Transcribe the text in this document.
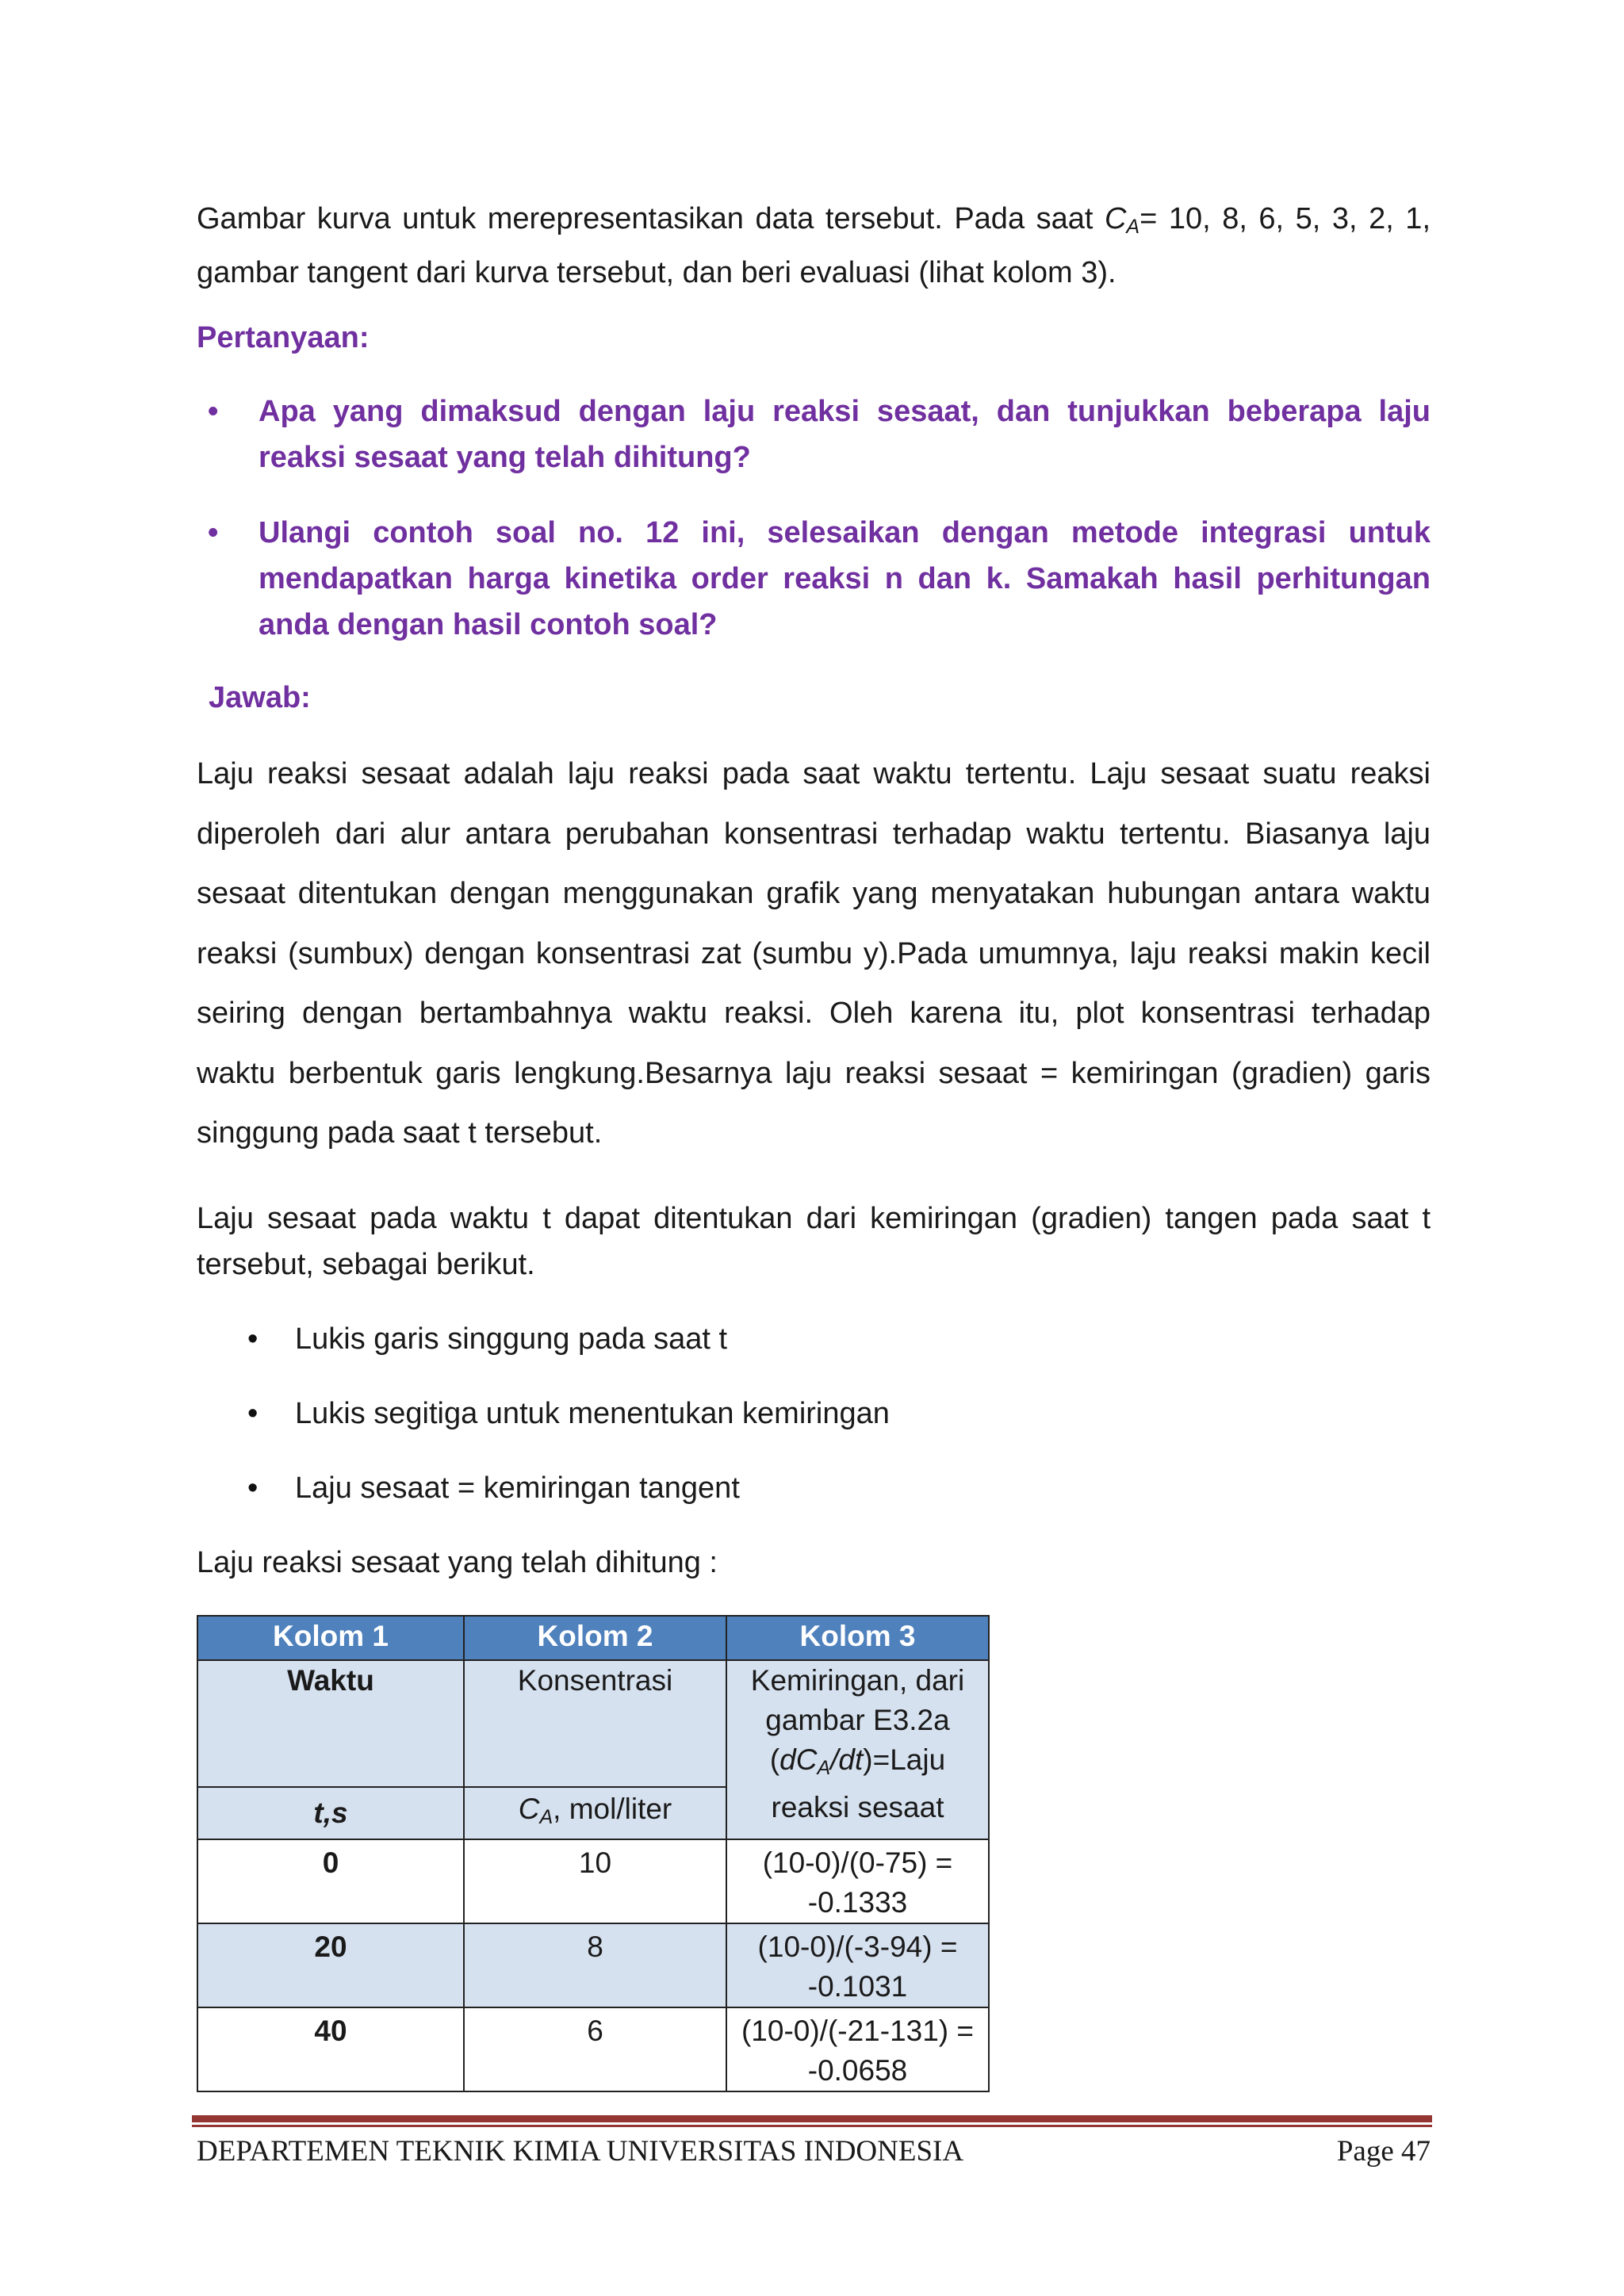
Gambar kurva untuk merepresentasikan data tersebut. Pada saat $C_A= 10$, 8, 6, 5, 3, 2, 1, gambar tangent dari kurva tersebut, dan beri evaluasi (lihat kolom 3).

Pertanyaan:

•	Apa yang dimaksud dengan laju reaksi sesaat, dan tunjukkan beberapa laju reaksi sesaat yang telah dihitung?
•	Ulangi contoh soal no. 12 ini, selesaikan dengan metode integrasi untuk mendapatkan harga kinetika order reaksi n dan k. Samakah hasil perhitungan anda dengan hasil contoh soal?

Jawab:

Laju reaksi sesaat adalah laju reaksi pada saat waktu tertentu. Laju sesaat suatu reaksi diperoleh dari alur antara perubahan konsentrasi terhadap waktu tertentu. Biasanya laju sesaat ditentukan dengan menggunakan grafik yang menyatakan hubungan antara waktu reaksi (sumbux) dengan konsentrasi zat (sumbu y).Pada umumnya, laju reaksi makin kecil seiring dengan bertambahnya waktu reaksi. Oleh karena itu, plot konsentrasi terhadap waktu berbentuk garis lengkung.Besarnya laju reaksi sesaat = kemiringan (gradien) garis singgung pada saat t tersebut.

Laju sesaat pada waktu t dapat ditentukan dari kemiringan (gradien) tangen pada saat t tersebut, sebagai berikut.

•	Lukis garis singgung pada saat t
•	Lukis segitiga untuk menentukan kemiringan
•	Laju sesaat = kemiringan tangent

Laju reaksi sesaat yang telah dihitung :

Kolom 1	Kolom 2	Kolom 3
Waktu	Konsentrasi	Kemiringan, dari gambar E3.2a $(dC_A/dt)=Laju$ reaksi sesaat
t,s	$C_A$, mol/liter	
0	10	(10-0)/(0-75) = -0.1333
20	8	(10-0)/(-3-94) = -0.1031
40	6	(10-0)/(-21-131) = -0.0658
DEPARTEMEN TEKNIK KIMIA UNIVERSITAS INDONESIA	Page 47
